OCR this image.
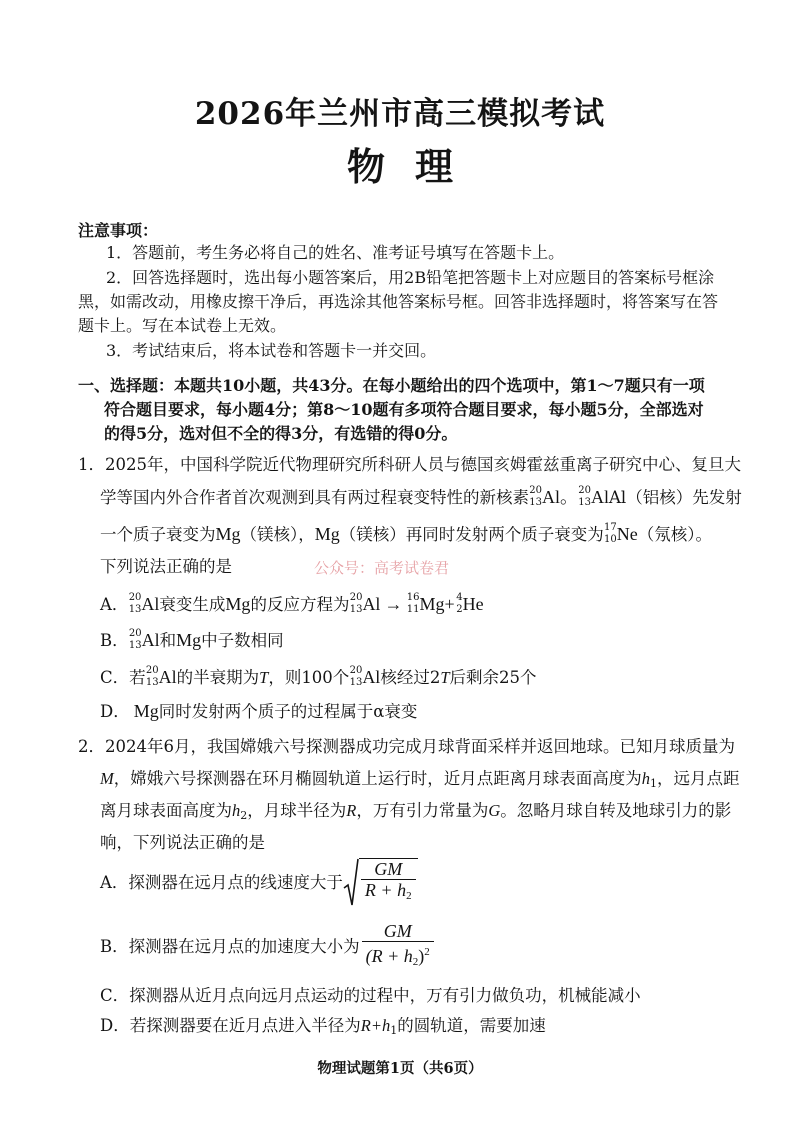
2026年兰州市高三模拟考试
物理
注意事项：
1．答题前，考生务必将自己的姓名、准考证号填写在答题卡上。
2．回答选择题时，选出每小题答案后，用2B铅笔把答题卡上对应题目的答案标号框涂
黑，如需改动，用橡皮擦干净后，再选涂其他答案标号框。回答非选择题时，将答案写在答
题卡上。写在本试卷上无效。
3．考试结束后，将本试卷和答题卡一并交回。
一、选择题：本题共10小题，共43分。在每小题给出的四个选项中，第1～7题只有一项
符合题目要求，每小题4分；第8～10题有多项符合题目要求，每小题5分，全部选对
的得5分，选对但不全的得3分，有选错的得0分。
1．2025年，中国科学院近代物理研究所科研人员与德国亥姆霍兹重离子研究中心、复旦大
学等国内外合作者首次观测到具有两过程衰变特性的新核素 20
13 Al。 20
13 AlAl（铝核）先发射
一个质子衰变为Mg（镁核），Mg（镁核）再同时发射两个质子衰变为 17
10 Ne（氖核）。
下列说法正确的是	公众号：高考试卷君
A． 20
13 Al衰变生成Mg的反应方程为 20
13 Al → 16
11 Mg+ 4
2 He
B． 20
13 Al和Mg中子数相同
C．若 20
13 Al的半衰期为T，则100个 20
13 Al核经过2T后剩余25个
D． Mg同时发射两个质子的过程属于α衰变
2．2024年6月，我国嫦娥六号探测器成功完成月球背面采样并返回地球。已知月球质量为
M，嫦娥六号探测器在环月椭圆轨道上运行时，近月点距离月球表面高度为h1，远月点距
离月球表面高度为h2，月球半径为R，万有引力常量为G。忽略月球自转及地球引力的影
响，下列说法正确的是
A． 探测器在远月点的线速度大于 $\frac{GM}{R + h2}$
B． 探测器在远月点的加速度大小为 $\frac{GM}{(R + h2)^2}$
C．探测器从近月点向远月点运动的过程中，万有引力做负功，机械能减小
D．若探测器要在近月点进入半径为R+h1的圆轨道，需要加速
物理试题第1页（共6页）
